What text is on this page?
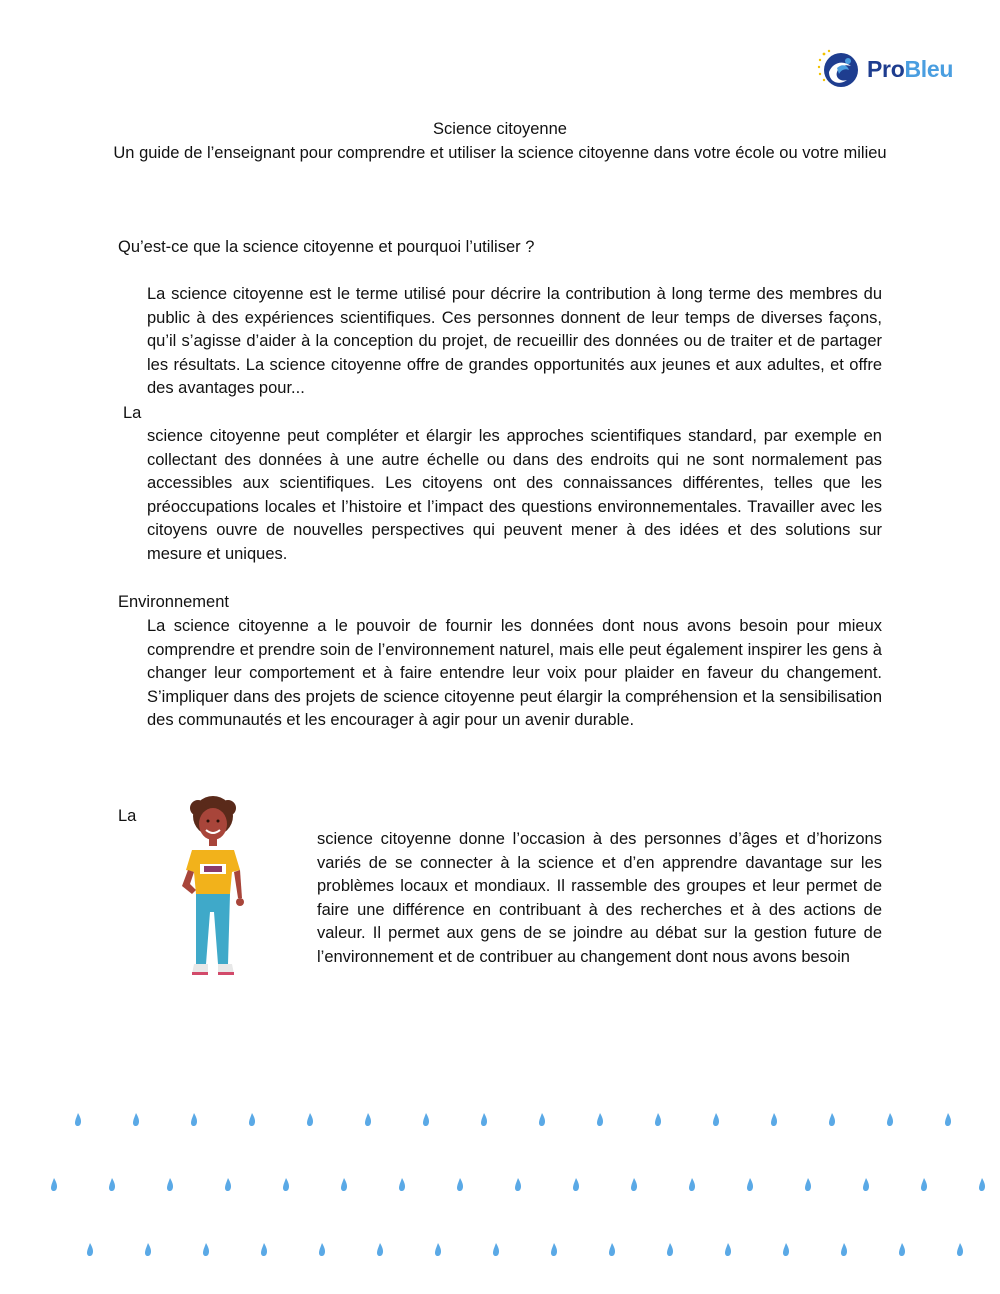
ProBleu
Science citoyenne
Un guide de l’enseignant pour comprendre et utiliser la science citoyenne dans votre école ou votre milieu
Qu’est-ce que la science citoyenne et pourquoi l’utiliser ?
La science citoyenne est le terme utilisé pour décrire la contribution à long terme des membres du public à des expériences scientifiques. Ces personnes donnent de leur temps de diverses façons, qu’il s’agisse d’aider à la conception du projet, de recueillir des données ou de traiter et de partager les résultats. La science citoyenne offre de grandes opportunités aux jeunes et aux adultes, et offre des avantages pour...
La
science citoyenne peut compléter et élargir les approches scientifiques standard, par exemple en collectant des données à une autre échelle ou dans des endroits qui ne sont normalement pas accessibles aux scientifiques. Les citoyens ont des connaissances différentes, telles que les préoccupations locales et l’histoire et l’impact des questions environnementales. Travailler avec les citoyens ouvre de nouvelles perspectives qui peuvent mener à des idées et des solutions sur mesure et uniques.
Environnement
La science citoyenne a le pouvoir de fournir les données dont nous avons besoin pour mieux comprendre et prendre soin de l’environnement naturel, mais elle peut également inspirer les gens à changer leur comportement et à faire entendre leur voix pour plaider en faveur du changement. S’impliquer dans des projets de science citoyenne peut élargir la compréhension et la sensibilisation des communautés et les encourager à agir pour un avenir durable.
La
science citoyenne donne l’occasion à des personnes d’âges et d’horizons variés de se connecter à la science et d’en apprendre davantage sur les problèmes locaux et mondiaux. Il rassemble des groupes et leur permet de faire une différence en contribuant à des recherches et à des actions de valeur. Il permet aux gens de se joindre au débat sur la gestion future de l’environnement et de contribuer au changement dont nous avons besoin
